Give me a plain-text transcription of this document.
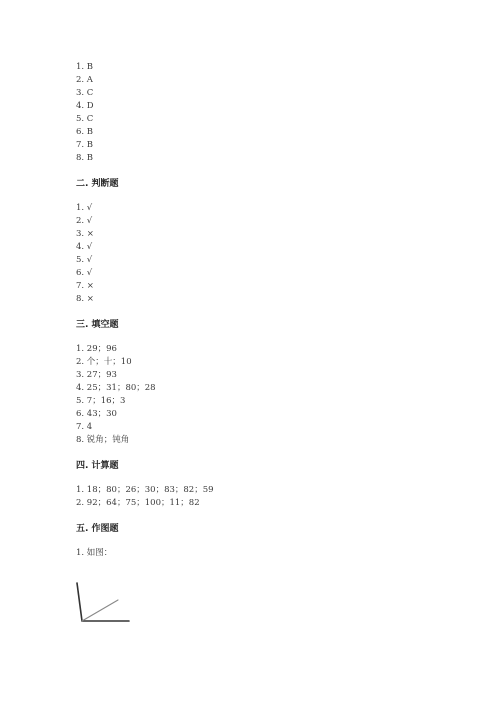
1. B
2. A
3. C
4. D
5. C
6. B
7. B
8. B
二. 判断题
1. √
2. √
3. ×
4. √
5. √
6. √
7. ×
8. ×
三. 填空题
1. 29；96
2. 个；十；10
3. 27；93
4. 25；31；80；28
5. 7；16；3
6. 43；30
7. 4
8. 锐角；钝角
四. 计算题
1. 18；80；26；30；83；82；59
2. 92；64；75；100；11；82
五. 作图题
1. 如图：
